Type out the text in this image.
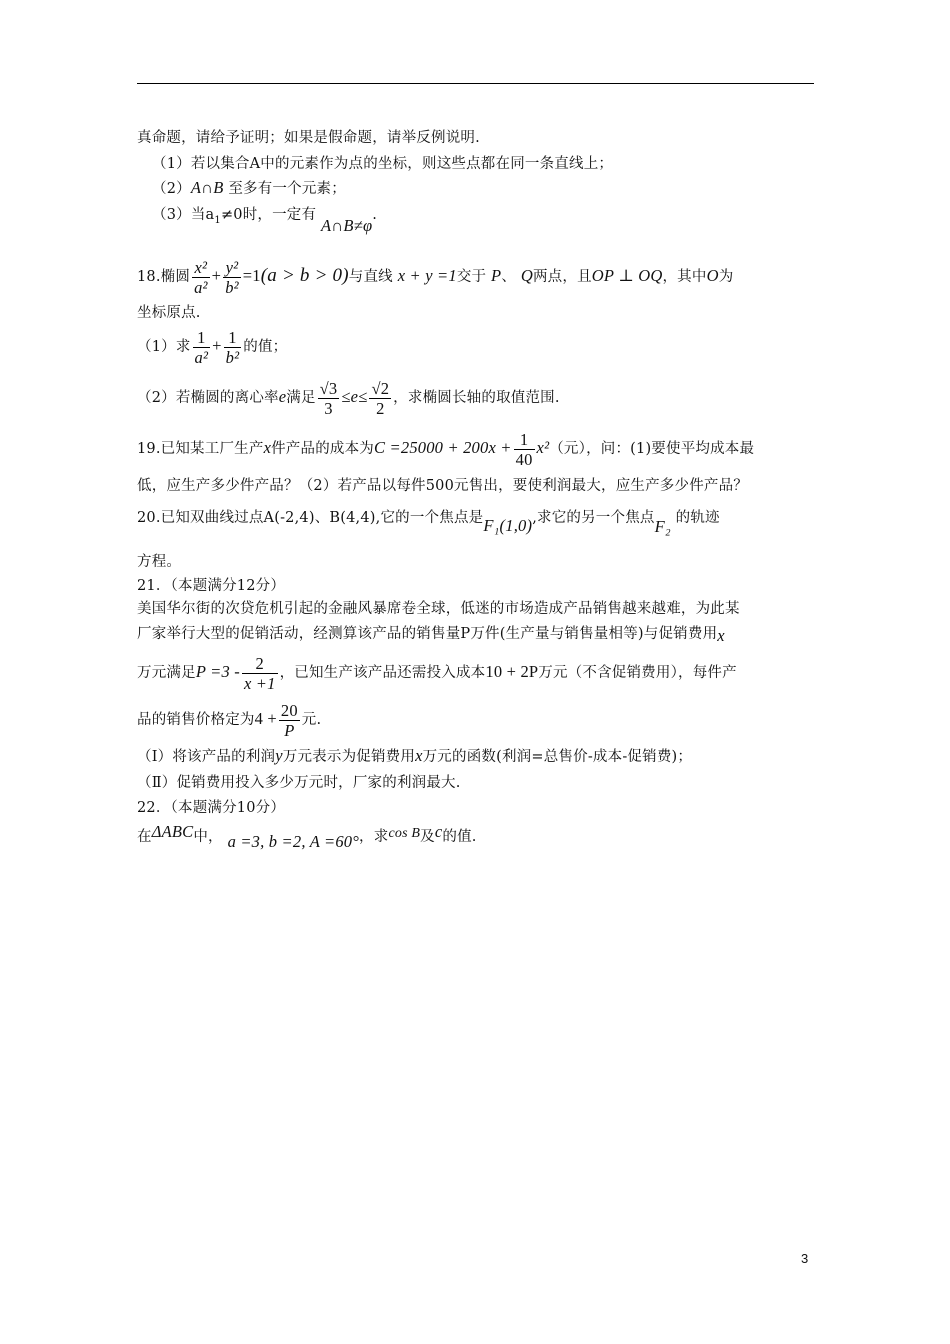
真命题，请给予证明；如果是假命题，请举反例说明.
（1）若以集合A中的元素作为点的坐标，则这些点都在同一条直线上；
（2）A∩B 至多有一个元素；
（3）当$a_1\ne 0$时，一定有 A∩B≠φ.
18.椭圆 $\frac{\text{x²}}{\text{a²}} + \frac{\text{y²}}{\text{b²}} =1(a > b > 0)$与直线 x + y =1交于 P、 Q两点，且OP ⊥ OQ，其中O为
坐标原点.
（1）求 $\frac{1}{\text{a²}} + \frac{1}{\text{b²}}$ 的值；
（2）若椭圆的离心率e满足 $\frac{√3}{3} \le e\le \frac{√2}{2}$ ，求椭圆长轴的取值范围.
19.已知某工厂生产x件产品的成本为$C =25000 + 200x + \frac{1}{40} x^2$（元），问：(1)要使平均成本最
低，应生产多少件产品？（2）若产品以每件500元售出，要使利润最大，应生产多少件产品？
20.已知双曲线过点A(-2,4)、B(4,4),它的一个焦点是F₁(1,0),求它的另一个焦点F₂ 的轨迹
方程。
21．（本题满分12分）
美国华尔街的次贷危机引起的金融风暴席卷全球，低迷的市场造成产品销售越来越难，为此某
厂家举行大型的促销活动，经测算该产品的销售量P万件(生产量与销售量相等)与促销费用x
万元满足$P =3 - \frac{2}{x +1}$ ，已知生产该产品还需投入成本10 + 2P万元（不含促销费用），每件产
品的销售价格定为$4 + \frac{20}{P}$ 元.
（Ⅰ）将该产品的利润y万元表示为促销费用x万元的函数(利润=总售价-成本-促销费)；
（Ⅱ）促销费用投入多少万元时，厂家的利润最大.
22．（本题满分10分）
在ΔABC中， a =3, b =2, A =60°，求cos B及c的值.
3
